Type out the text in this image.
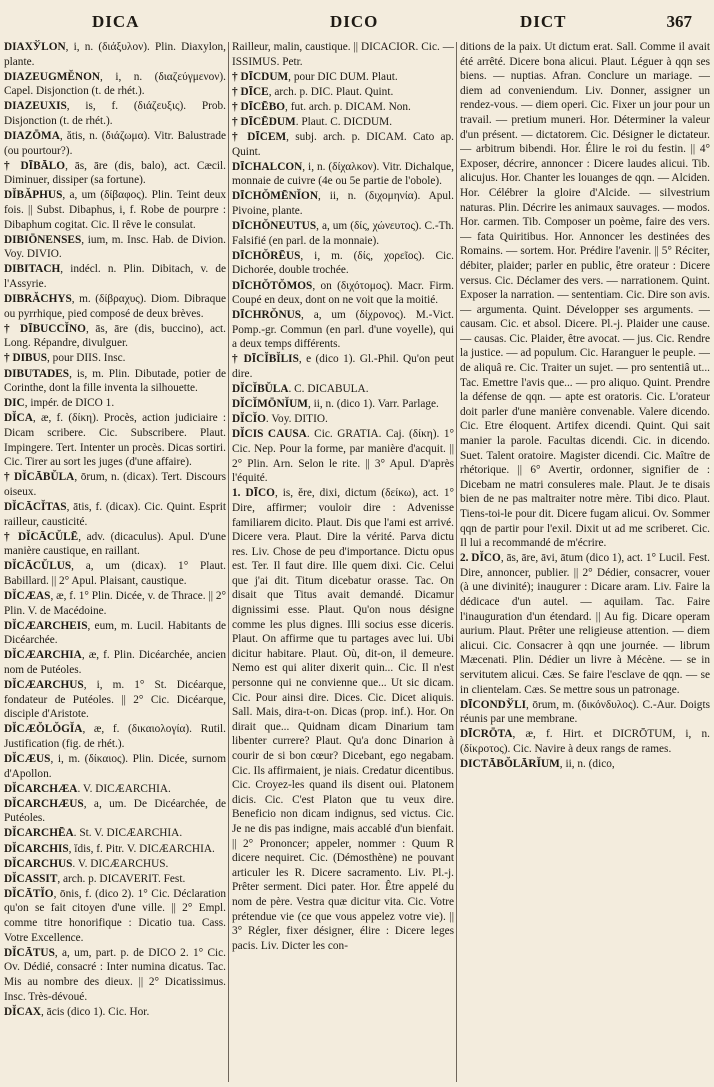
DICA	DICO	DICT	367
DIAXЎLON, i, n. (διάξυλον). Plin. Diaxylon, plante.
DIAZEUGMĔNON, i, n. (διαζεύγμενον). Capel. Disjonction (t. de rhét.).
DIAZEUXIS, is, f. (διάζευξις). Prob. Disjonction (t. de rhét.).
DIAZŌMA, ătis, n. (διάζωμα). Vitr. Balustrade (ou pourtour?).
† DĪBĀLO, ās, āre (dis, balo), act. Cæcil. Diminuer, dissiper (sa fortune).
DĬBĂPHUS, a, um (δίβαφος). Plin. Teint deux fois. || Subst. Dibaphus, i, f. Robe de pourpre : Dibaphum cogitat. Cic. Il rêve le consulat.
DIBIŌNENSES, ium, m. Insc. Hab. de Divion. Voy. DIVIO.
DIBITACH, indécl. n. Plin. Dibitach, v. de l'Assyrie.
DIBRĂCHYS, m. (δίβραχυς). Diom. Dibraque ou pyrrhique, pied composé de deux brèves.
† DĪBUCCĬNO, ās, āre (dis, buccino), act. Long. Répandre, divulguer.
† DIBUS, pour DIIS. Insc.
DIBUTADES, is, m. Plin. Dibutade, potier de Corinthe, dont la fille inventa la silhouette.
DIC, impér. de DICO 1.
DĬCA, æ, f. (δίκη). Procès, action judiciaire : Dicam scribere. Cic. Subscribere. Plaut. Impingere. Tert. Intenter un procès. Dicas sortiri. Cic. Tirer au sort les juges (d'une affaire).
† DĬCĀBŬLA, ōrum, n. (dicax). Tert. Discours oiseux.
DĬCĀCĬTAS, ātis, f. (dicax). Cic. Quint. Esprit railleur, causticité.
† DĬCĀCŬLĒ, adv. (dicaculus). Apul. D'une manière caustique, en raillant.
DĬCĀCŬLUS, a, um (dicax). 1° Plaut. Babillard. || 2° Apul. Plaisant, caustique.
DĬCÆAS, æ, f. 1° Plin. Dicée, v. de Thrace. || 2° Plin. V. de Macédoine.
DĬCÆARCHEIS, eum, m. Lucil. Habitants de Dicéarchée.
DĬCÆARCHIA, æ, f. Plin. Dicéarchée, ancien nom de Putéoles.
DĬCÆARCHUS, i, m. 1° St. Dicéarque, fondateur de Putéoles. || 2° Cic. Dicéarque, disciple d'Aristote.
DĬCÆŎLŎGĬA, æ, f. (δικαιολογία). Rutil. Justification (fig. de rhét.).
DĬCÆUS, i, m. (δίκαιος). Plin. Dicée, surnom d'Apollon.
DĬCARCHÆA. V. DICÆARCHIA.
DĬCARCHÆUS, a, um. De Dicéarchée, de Putéoles.
DĬCARCHĒA. St. V. DICÆARCHIA.
DĬCARCHIS, ĭdis, f. Pitr. V. DICÆARCHIA.
DĬCARCHUS. V. DICÆARCHUS.
DĬCASSIT, arch. p. DICAVERIT. Fest.
DĬCĀTĬO, ōnis, f. (dico 2). 1° Cic. Déclaration qu'on se fait citoyen d'une ville. || 2° Empl. comme titre honorifique : Dicatio tua. Cass. Votre Excellence.
DĬCĀTUS, a, um, part. p. de DICO 2. 1° Cic. Ov. Dédié, consacré : Inter numina dicatus. Tac. Mis au nombre des dieux. || 2° Dicatissimus. Insc. Très-dévoué.
DĬCAX, ācis (dico 1). Cic. Hor.
Railleur, malin, caustique. || DICACIOR. Cic. — ISSIMUS. Petr.
† DĪCDUM, pour DIC DUM. Plaut.
† DĪCE, arch. p. DIC. Plaut. Quint.
† DĪCĒBO, fut. arch. p. DICAM. Non.
† DĪCĒDUM. Plaut. C. DICDUM.
† DĪCEM, subj. arch. p. DICAM. Cato ap. Quint.
DĪCHALCON, i, n. (δίχαλκον). Vitr. Dichalque, monnaie de cuivre (4e ou 5e partie de l'obole).
DĪCHŎMĒNĬON, ii, n. (διχομηνία). Apul. Pivoine, plante.
DĪCHŎNEUTUS, a, um (δίς, χώνευτος). C.-Th. Falsifié (en parl. de la monnaie).
DĪCHŎRĒUS, i, m. (δίς, χορεῖος). Cic. Dichorée, double trochée.
DĪCHŎTŎMOS, on (διχότομος). Macr. Firm. Coupé en deux, dont on ne voit que la moitié.
DĪCHRŎNUS, a, um (δίχρονος). M.-Vict. Pomp.-gr. Commun (en parl. d'une voyelle), qui a deux temps différents.
† DĪCĬBĬLIS, e (dico 1). Gl.-Phil. Qu'on peut dire.
DĬCĬBŬLA. C. DICABULA.
DĬCĬMŌNĬUM, ii, n. (dico 1). Varr. Parlage.
DĬCĬO. Voy. DITIO.
DĬCIS CAUSA. Cic. GRATIA. Caj. (δίκη). 1° Cic. Nep. Pour la forme, par manière d'acquit. || 2° Plin. Arn. Selon le rite. || 3° Apul. D'après l'équité.
1. DĪCO, is, ĕre, dixi, dictum (δείκω), act. 1° Dire, affirmer; vouloir dire : Advenisse familiarem dicito. Plaut. Dis que l'ami est arrivé. Dicere vera. Plaut. Dire la vérité. Parva dictu res. Liv. Chose de peu d'importance. Dictu opus est. Ter. Il faut dire. Ille quem dixi. Cic. Celui que j'ai dit. Titum dicebatur orasse. Tac. On disait que Titus avait demandé. Dicamur dignissimi esse. Plaut. Qu'on nous désigne comme les plus dignes. Illi socius esse diceris. Plaut. On affirme que tu partages avec lui. Ubi dicitur habitare. Plaut. Où, dit-on, il demeure. Nemo est qui aliter dixerit quin... Cic. Il n'est personne qui ne convienne que... Ut sic dicam. Cic. Pour ainsi dire. Dices. Cic. Dicet aliquis. Sall. Mais, dira-t-on. Dicas (prop. inf.). Hor. On dirait que... Quidnam dicam Dinarium tam libenter currere? Plaut. Qu'a donc Dinarion à courir de si bon cœur? Dicebant, ego negabam. Cic. Ils affirmaient, je niais. Credatur dicentibus. Cic. Croyez-les quand ils disent oui. Platonem dicis. Cic. C'est Platon que tu veux dire. Beneficio non dicam indignus, sed victus. Cic. Je ne dis pas indigne, mais accablé d'un bienfait. || 2° Prononcer; appeler, nommer : Quum R dicere nequiret. Cic. (Démosthène) ne pouvant articuler les R. Dicere sacramento. Liv. Pl.-j. Prêter serment. Dici pater. Hor. Être appelé du nom de père. Vestra quæ dicitur vita. Cic. Votre prétendue vie (ce que vous appelez votre vie). || 3° Régler, fixer désigner, élire : Dicere leges pacis. Liv. Dicter les con-
ditions de la paix. Ut dictum erat. Sall. Comme il avait été arrêté. Dicere bona alicui. Plaut. Léguer à qqn ses biens. — nuptias. Afran. Conclure un mariage. — diem ad conveniendum. Liv. Donner, assigner un rendez-vous. — diem operi. Cic. Fixer un jour pour un travail. — pretium muneri. Hor. Déterminer la valeur d'un présent. — dictatorem. Cic. Désigner le dictateur. — arbitrum bibendi. Hor. Élire le roi du festin. || 4° Exposer, décrire, annoncer : Dicere laudes alicui. Tib. alicujus. Hor. Chanter les louanges de qqn. — Alciden. Hor. Célébrer la gloire d'Alcide. — silvestrium naturas. Plin. Décrire les animaux sauvages. — modos. Hor. carmen. Tib. Composer un poème, faire des vers. — fata Quiritibus. Hor. Annoncer les destinées des Romains. — sortem. Hor. Prédire l'avenir. || 5° Réciter, débiter, plaider; parler en public, être orateur : Dicere versus. Cic. Déclamer des vers. — narrationem. Quint. Exposer la narration. — sententiam. Cic. Dire son avis. — argumenta. Quint. Développer ses arguments. — causam. Cic. et absol. Dicere. Pl.-j. Plaider une cause. — causas. Cic. Plaider, être avocat. — jus. Cic. Rendre la justice. — ad populum. Cic. Haranguer le peuple. — de aliquâ re. Cic. Traiter un sujet. — pro sententiâ ut... Tac. Emettre l'avis que... — pro aliquo. Quint. Prendre la défense de qqn. — apte est oratoris. Cic. L'orateur doit parler d'une manière convenable. Valere dicendo. Cic. Etre éloquent. Artifex dicendi. Quint. Qui sait manier la parole. Facultas dicendi. Cic. in dicendo. Suet. Talent oratoire. Magister dicendi. Cic. Maître de rhétorique. || 6° Avertir, ordonner, signifier de : Dicebam ne matri consuleres male. Plaut. Je te disais bien de ne pas maltraiter notre mère. Tibi dico. Plaut. Tiens-toi-le pour dit. Dicere fugam alicui. Ov. Sommer qqn de partir pour l'exil. Dixit ut ad me scriberet. Cic. Il lui a recommandé de m'écrire.
2. DĬCO, ās, āre, āvi, ātum (dico 1), act. 1° Lucil. Fest. Dire, annoncer, publier. || 2° Dédier, consacrer, vouer (à une divinité); inaugurer : Dicare aram. Liv. Faire la dédicace d'un autel. — aquilam. Tac. Faire l'inauguration d'un étendard. || Au fig. Dicare operam aurium. Plaut. Prêter une religieuse attention. — diem alicui. Cic. Consacrer à qqn une journée. — librum Mæcenati. Plin. Dédier un livre à Mécène. — se in servitutem alicui. Cæs. Se faire l'esclave de qqn. — se in clientelam. Cæs. Se mettre sous un patronage.
DĪCONDЎLI, ōrum, m. (δικόνδυλος). C.-Aur. Doigts réunis par une membrane.
DĪCRŌTA, æ, f. Hirt. et DICRŌTUM, i, n. (δίκροτος). Cic. Navire à deux rangs de rames.
DICTĀBŎLĀRĬUM, ii, n. (dico,
